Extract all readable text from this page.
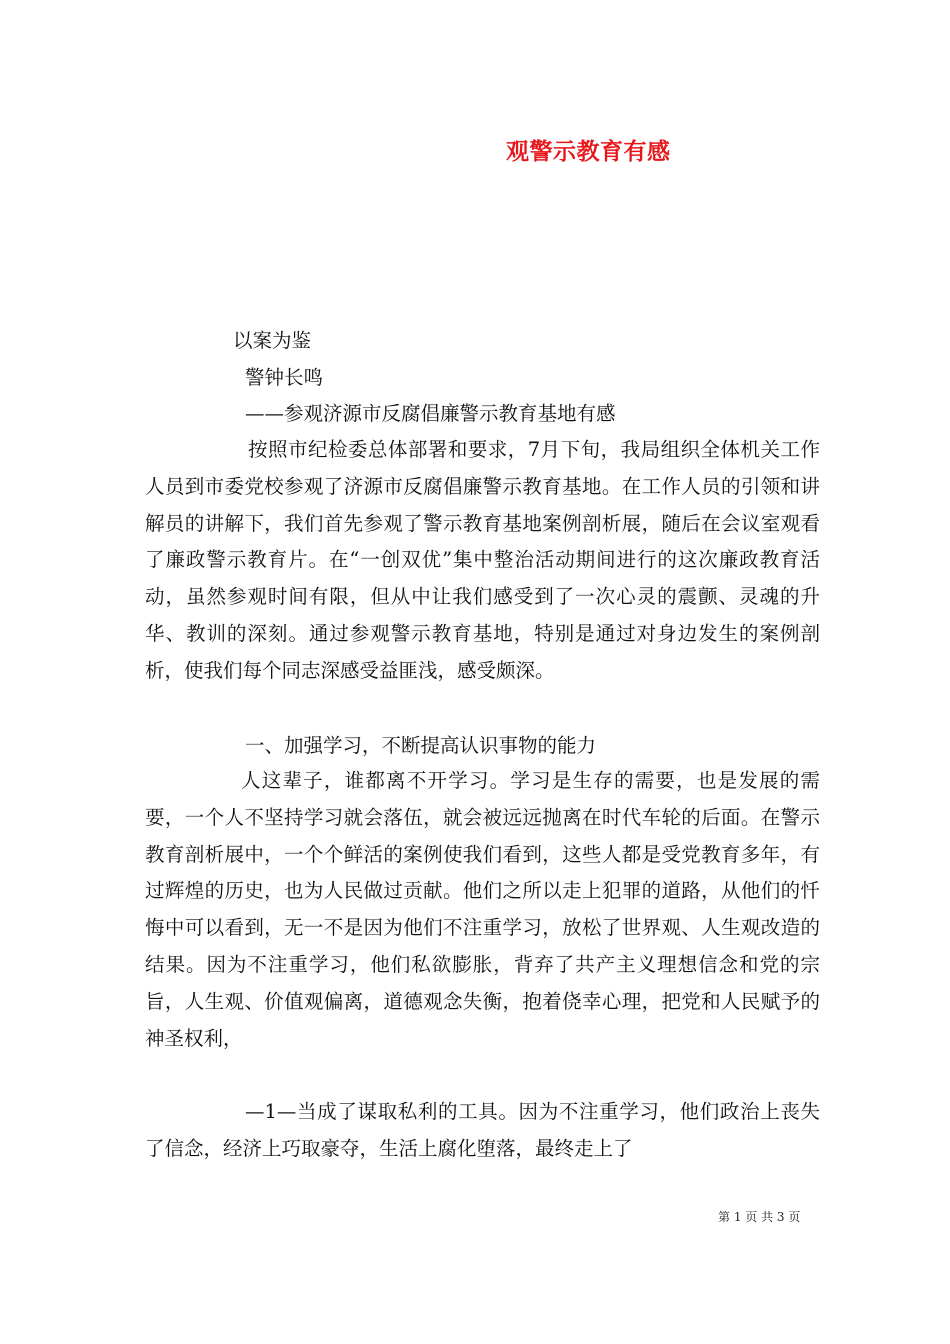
观警示教育有感
以案为鉴
警钟长鸣
——参观济源市反腐倡廉警示教育基地有感

按照市纪检委总体部署和要求，7月下旬，我局组织全体机关工作人员到市委党校参观了济源市反腐倡廉警示教育基地。在工作人员的引领和讲解员的讲解下，我们首先参观了警示教育基地案例剖析展，随后在会议室观看了廉政警示教育片。在“一创双优”集中整治活动期间进行的这次廉政教育活动，虽然参观时间有限，但从中让我们感受到了一次心灵的震颤、灵魂的升华、教训的深刻。通过参观警示教育基地，特别是通过对身边发生的案例剖析，使我们每个同志深感受益匪浅，感受颇深。

一、加强学习，不断提高认识事物的能力

人这辈子，谁都离不开学习。学习是生存的需要，也是发展的需要，一个人不坚持学习就会落伍，就会被远远抛离在时代车轮的后面。在警示教育剖析展中，一个个鲜活的案例使我们看到，这些人都是受党教育多年，有过辉煌的历史，也为人民做过贡献。他们之所以走上犯罪的道路，从他们的忏悔中可以看到，无一不是因为他们不注重学习，放松了世界观、人生观改造的结果。因为不注重学习，他们私欲膨胀，背弃了共产主义理想信念和党的宗旨，人生观、价值观偏离，道德观念失衡，抱着侥幸心理，把党和人民赋予的神圣权利，

—1—当成了谋取私利的工具。因为不注重学习，他们政治上丧失了信念，经济上巧取豪夺，生活上腐化堕落，最终走上了

第 1 页 共 3 页
